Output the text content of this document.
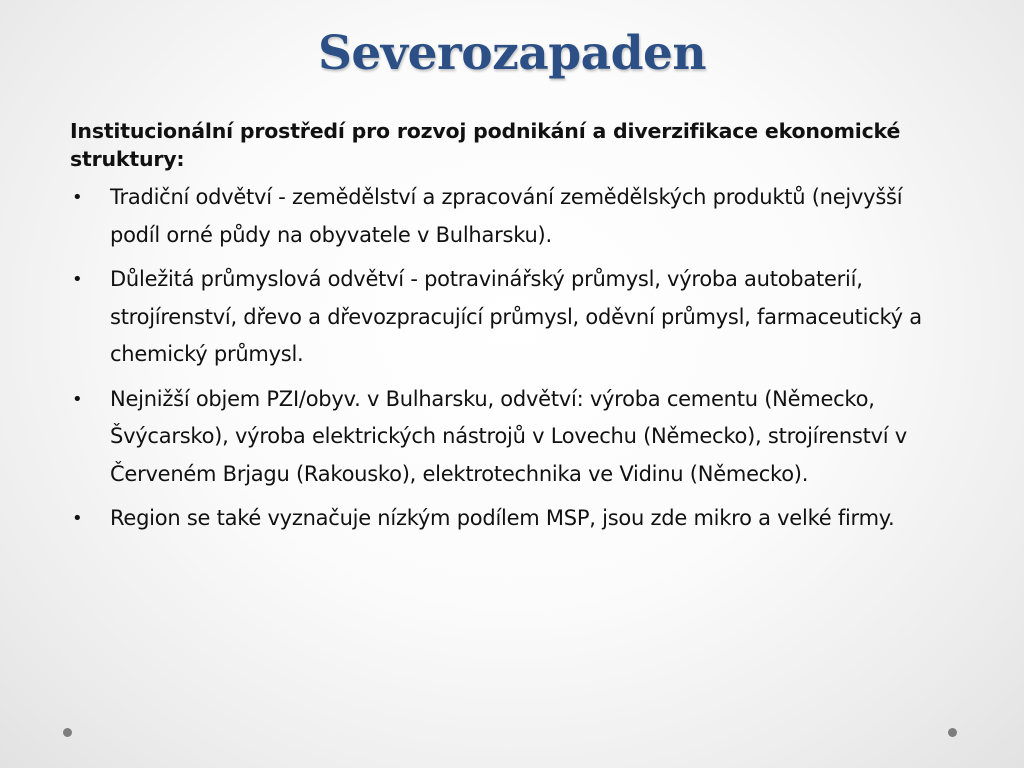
Severozapaden
Institucionální prostředí pro rozvoj podnikání a diverzifikace ekonomické struktury:
• Tradiční odvětví - zemědělství a zpracování zemědělských produktů (nejvyšší podíl orné půdy na obyvatele v Bulharsku).
• Důležitá průmyslová odvětví - potravinářský průmysl, výroba autobaterií, strojírenství, dřevo a dřevozpracující průmysl, oděvní průmysl, farmaceutický a chemický průmysl.
• Nejnižší objem PZI/obyv. v Bulharsku, odvětví: výroba cementu (Německo, Švýcarsko), výroba elektrických nástrojů v Lovechu (Německo), strojírenství v Červeném Brjagu (Rakousko), elektrotechnika ve Vidinu (Německo).
• Region se také vyznačuje nízkým podílem MSP, jsou zde mikro a velké firmy.
